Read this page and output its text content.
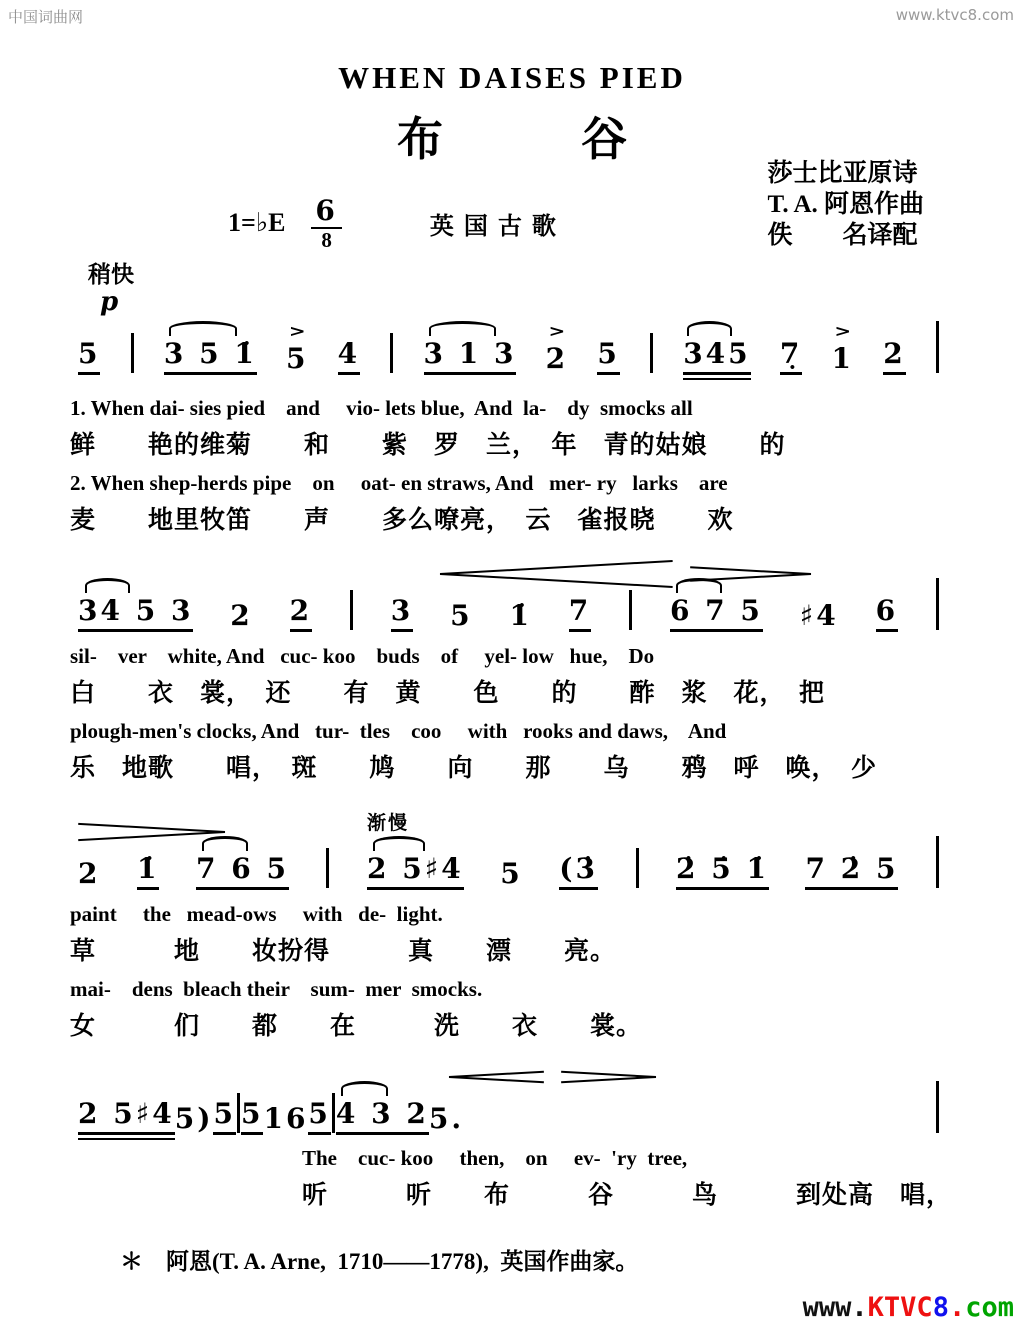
中国词曲网	www.ktvc8.com
WHEN DAISES PIED
布　　　谷
莎士比亚原诗
T. A. 阿恩作曲
佚　　名译配
1=♭E $\frac{6}{8}$	英国古歌
稍快
p
5 3 5 1̇
>
5 4 3 1 3
>
2 5 345 7̣
>
1 2
34 5 3 2 2	3 5 1̇ 7	6 7 5 ♯4 6
2 1̇ 7 6 5
渐慢
2 5♯4 5 (3̇	2̇ 5̇ 1̇ 7 2̇ 5
2 5♯4 5 ) 5 5 1 6 5 4 3 2 5.
1. When dai- sies pied    and     vio- lets blue,  And  la-    dy  smocks all
鲜　　艳的维菊　　和　　紫　罗　兰，　年　青的姑娘　　的
2. When shep-herds pipe    on     oat- en straws, And   mer- ry   larks    are
麦　　地里牧笛　　声　　多么嘹亮，　云　雀报晓　　欢
sil-    ver    white, And   cuc- koo    buds    of     yel- low   hue,    Do
白　　衣　裳，　还　　有　黄　　色　　的　　酢　浆　花，　把
plough-men's clocks, And   tur-  tles    coo     with   rooks and daws,    And
乐　地歌　　唱，　斑　　鸠　　向　　那　　乌　　鸦　呼　唤，　少
paint     the   mead-ows     with   de-  light.
草　　　地　　妆扮得　　　真　　漂　　亮。
mai-    dens  bleach their    sum-  mer  smocks.
女　　　们　　都　　在　　　洗　　衣　　裳。
The    cuc- koo     then,    on     ev-  'ry  tree,
听　　　听　　布　　　谷　　　鸟　　　到处高　唱，
＊　阿恩(T. A. Arne,  1710——1778),  英国作曲家。
www.KTVC8.com
